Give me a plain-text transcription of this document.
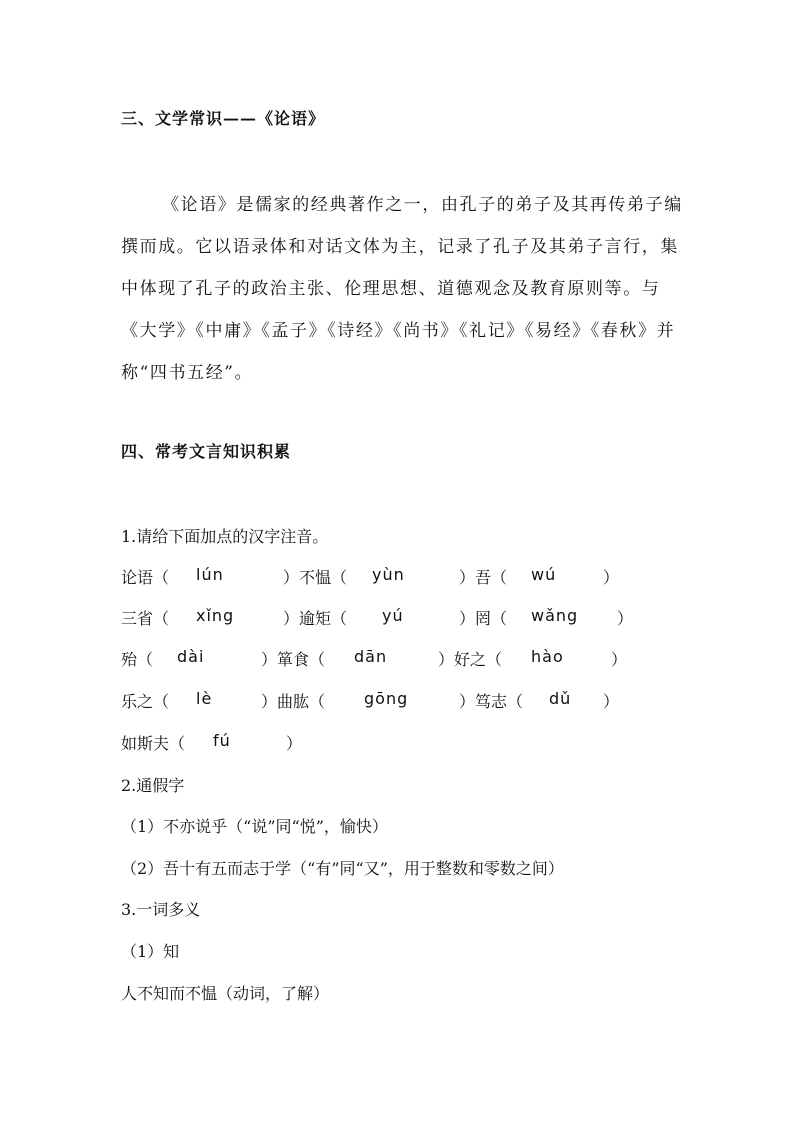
三、文学常识——《论语》
《论语》是儒家的经典著作之一，由孔子的弟子及其再传弟子编
撰而成。它以语录体和对话文体为主，记录了孔子及其弟子言行，集
中体现了孔子的政治主张、伦理思想、道德观念及教育原则等。与
《大学》《中庸》《孟子》《诗经》《尚书》《礼记》《易经》《春秋》并
称“四书五经”。
四、常考文言知识积累
1.请给下面加点的汉字注音。
论语（ lún	）不愠（ yùn	）吾（ wú	）
三省（ xǐng	）逾矩（ yú	）罔（ wǎng ）
殆（ dài	）箪食（ dān	）好之（ hào	）
乐之（ lè	）曲肱（ gōng	）笃志（ dǔ ）
如斯夫（ fú	）
2.通假字
（1）不亦说乎（“说”同“悦”，愉快）
（2）吾十有五而志于学（“有”同“又”，用于整数和零数之间）
3.一词多义
（1）知
人不知而不愠（动词，了解）
